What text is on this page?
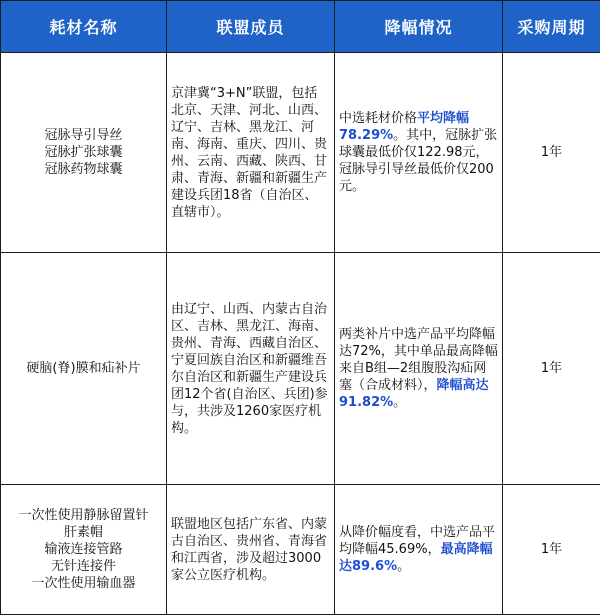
耗材名称	联盟成员	降幅情况	采购周期

冠脉导引导丝
冠脉扩张球囊
冠脉药物球囊	京津冀“3+N”联盟，包括北京、天津、河北、山西、辽宁、吉林、黑龙江、河南、海南、重庆、四川、贵州、云南、西藏、陕西、甘肃、青海、新疆和新疆生产建设兵团18省（自治区、直辖市）。	中选耗材价格平均降幅78.29%。其中，冠脉扩张球囊最低价仅122.98元，冠脉导引导丝最低价仅200元。	1年

硬脑(脊)膜和疝补片	由辽宁、山西、内蒙古自治区、吉林、黑龙江、海南、贵州、青海、西藏自治区、宁夏回族自治区和新疆维吾尔自治区和新疆生产建设兵团12个省(自治区、兵团)参与，共涉及1260家医疗机构。	两类补片中选产品平均降幅达72%，其中单品最高降幅来自B组—2组腹股沟疝网塞（合成材料），降幅高达91.82%。	1年

一次性使用静脉留置针
肝素帽
输液连接管路
无针连接件
一次性使用输血器	联盟地区包括广东省、内蒙古自治区、贵州省、青海省和江西省，涉及超过3000家公立医疗机构。	从降价幅度看，中选产品平均降幅45.69%，最高降幅达89.6%。	1年
